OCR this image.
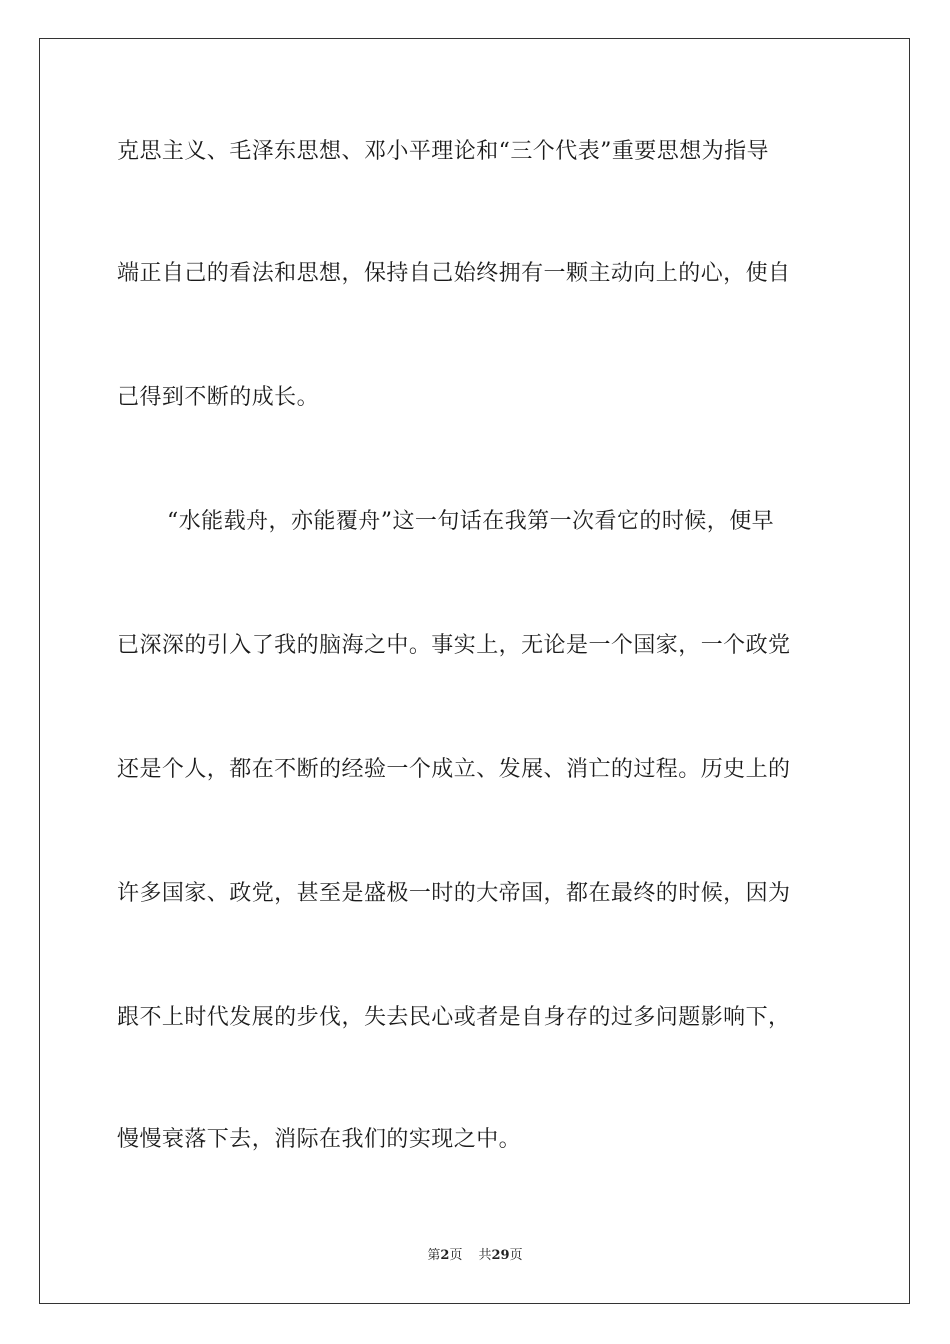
克思主义、毛泽东思想、邓小平理论和“三个代表”重要思想为指导
端正自己的看法和思想，保持自己始终拥有一颗主动向上的心，使自
己得到不断的成长。
“水能载舟，亦能覆舟”这一句话在我第一次看它的时候，便早
已深深的引入了我的脑海之中。事实上，无论是一个国家，一个政党
还是个人，都在不断的经验一个成立、发展、消亡的过程。历史上的
许多国家、政党，甚至是盛极一时的大帝国，都在最终的时候，因为
跟不上时代发展的步伐，失去民心或者是自身存的过多问题影响下，
慢慢衰落下去，消际在我们的实现之中。
第2页 共29页
